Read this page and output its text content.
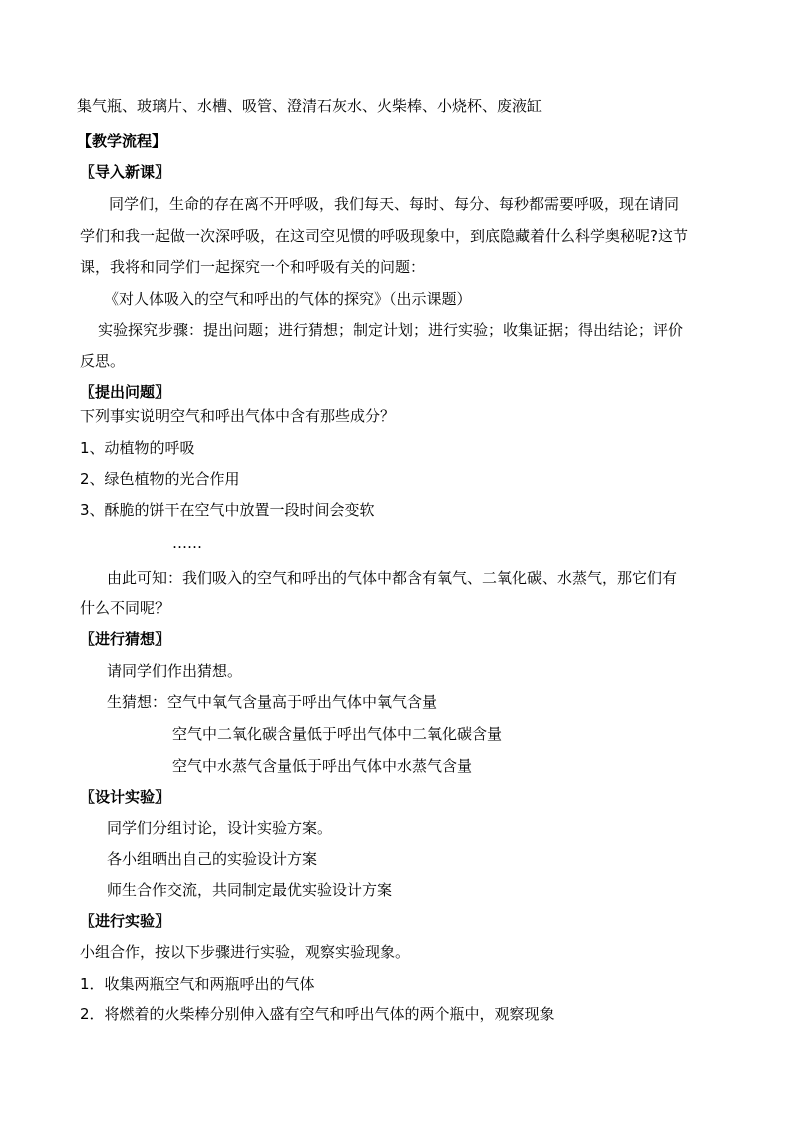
集气瓶、玻璃片、水槽、吸管、澄清石灰水、火柴棒、小烧杯、废液缸
【教学流程】
〖导入新课〗
同学们，生命的存在离不开呼吸，我们每天、每时、每分、每秒都需要呼吸，现在请同
学们和我一起做一次深呼吸，在这司空见惯的呼吸现象中，到底隐藏着什么科学奥秘呢?这节
课，我将和同学们一起探究一个和呼吸有关的问题：
《对人体吸入的空气和呼出的气体的探究》（出示课题）
实验探究步骤：提出问题；进行猜想；制定计划；进行实验；收集证据；得出结论；评价
反思。
〖提出问题〗
下列事实说明空气和呼出气体中含有那些成分？
1、动植物的呼吸
2、绿色植物的光合作用
3、酥脆的饼干在空气中放置一段时间会变软
……
由此可知：我们吸入的空气和呼出的气体中都含有氧气、二氧化碳、水蒸气，那它们有
什么不同呢？
〖进行猜想〗
请同学们作出猜想。
生猜想：空气中氧气含量高于呼出气体中氧气含量
空气中二氧化碳含量低于呼出气体中二氧化碳含量
空气中水蒸气含量低于呼出气体中水蒸气含量
〖设计实验〗
同学们分组讨论，设计实验方案。
各小组晒出自己的实验设计方案
师生合作交流，共同制定最优实验设计方案
〖进行实验〗
小组合作，按以下步骤进行实验，观察实验现象。
1．收集两瓶空气和两瓶呼出的气体
2．将燃着的火柴棒分别伸入盛有空气和呼出气体的两个瓶中，观察现象
